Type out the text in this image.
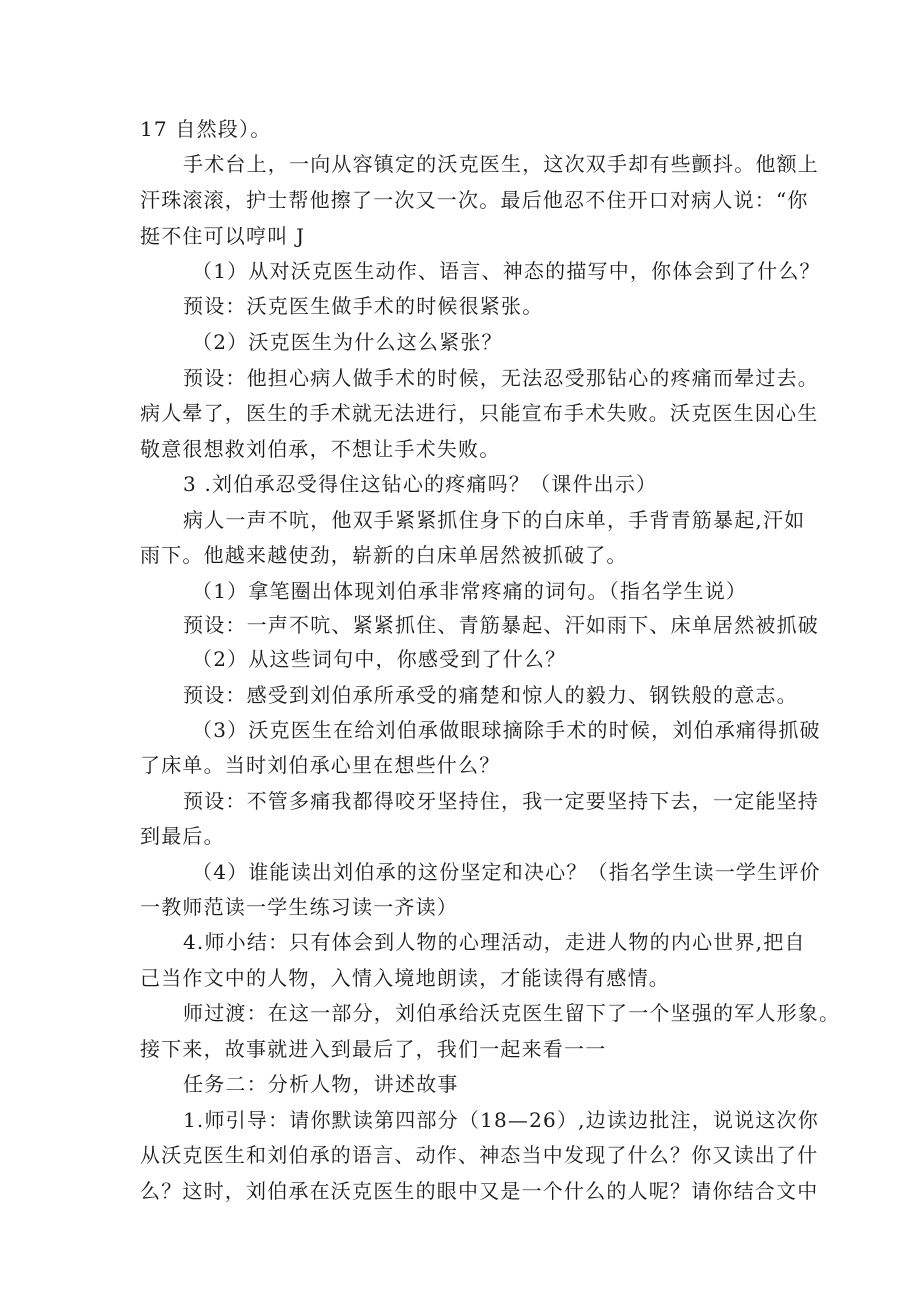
17 自然段）。
手术台上，一向从容镇定的沃克医生，这次双手却有些颤抖。他额上
汗珠滚滚，护士帮他擦了一次又一次。最后他忍不住开口对病人说：“你
挺不住可以哼叫 J
（1）从对沃克医生动作、语言、神态的描写中，你体会到了什么？
预设：沃克医生做手术的时候很紧张。
（2）沃克医生为什么这么紧张？
预设：他担心病人做手术的时候，无法忍受那钻心的疼痛而晕过去。
病人晕了，医生的手术就无法进行，只能宣布手术失败。沃克医生因心生
敬意很想救刘伯承，不想让手术失败。
3 .刘伯承忍受得住这钻心的疼痛吗？（课件出示）
病人一声不吭，他双手紧紧抓住身下的白床单，手背青筋暴起,汗如
雨下。他越来越使劲，崭新的白床单居然被抓破了。
（1）拿笔圈出体现刘伯承非常疼痛的词句。（指名学生说）
预设：一声不吭、紧紧抓住、青筋暴起、汗如雨下、床单居然被抓破
（2）从这些词句中，你感受到了什么？
预设：感受到刘伯承所承受的痛楚和惊人的毅力、钢铁般的意志。
（3）沃克医生在给刘伯承做眼球摘除手术的时候，刘伯承痛得抓破
了床单。当时刘伯承心里在想些什么？
预设：不管多痛我都得咬牙坚持住，我一定要坚持下去，一定能坚持
到最后。
（4）谁能读出刘伯承的这份坚定和决心？（指名学生读一学生评价
一教师范读一学生练习读一齐读）
4.师小结：只有体会到人物的心理活动，走进人物的内心世界,把自
己当作文中的人物，入情入境地朗读，才能读得有感情。
师过渡：在这一部分，刘伯承给沃克医生留下了一个坚强的军人形象。
接下来，故事就进入到最后了，我们一起来看一一
任务二：分析人物，讲述故事
1.师引导：请你默读第四部分（18—26）,边读边批注，说说这次你
从沃克医生和刘伯承的语言、动作、神态当中发现了什么？你又读出了什
么？这时，刘伯承在沃克医生的眼中又是一个什么的人呢？请你结合文中
